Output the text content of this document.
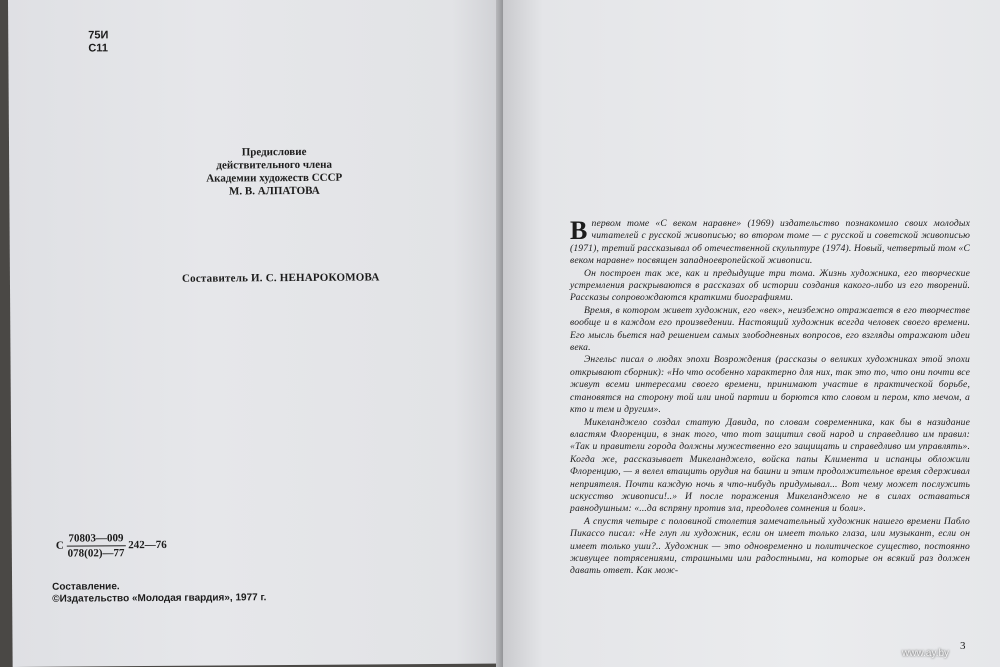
75И
С11
Предисловие
действительного члена
Академии художеств СССР
М. В. АЛПАТОВА
Составитель И. С. НЕНАРОКОМОВА
С $\frac{70803—009}{078(02)—77}$ 242—76
Составление.
©Издательство «Молодая гвардия», 1977 г.

В первом томе «С веком наравне» (1969) издательство познакомило своих молодых читателей с русской живописью; во втором томе — с русской и советской живописью (1971), третий рассказывал об отечественной скульптуре (1974). Новый, четвертый том «С веком наравне» посвящен западноевропейской живописи.

Он построен так же, как и предыдущие три тома. Жизнь художника, его творческие устремления раскрываются в рассказах об истории создания какого-либо из его творений. Рассказы сопровождаются краткими биографиями.

Время, в котором живет художник, его «век», неизбежно отражается в его творчестве вообще и в каждом его произведении. Настоящий художник всегда человек своего времени. Его мысль бьется над решением самых злободневных вопросов, его взгляды отражают идеи века.

Энгельс писал о людях эпохи Возрождения (рассказы о великих художниках этой эпохи открывают сборник): «Но что особенно характерно для них, так это то, что они почти все живут всеми интересами своего времени, принимают участие в практической борьбе, становятся на сторону той или иной партии и борются кто словом и пером, кто мечом, а кто и тем и другим».

Микеланджело создал статую Давида, по словам современника, как бы в назидание властям Флоренции, в знак того, что тот защитил свой народ и справедливо им правил: «Так и правители города должны мужественно его защищать и справедливо им управлять». Когда же, рассказывает Микеланджело, войска папы Климента и испанцы обложили Флоренцию, — я велел втащить орудия на башни и этим продолжительное время сдерживал неприятеля. Почти каждую ночь я что-нибудь придумывал... Вот чему может послужить искусство живописи!..» И после поражения Микеланджело не в силах оставаться равнодушным: «...да вспряну против зла, преодолев сомнения и боли».

А спустя четыре с половиной столетия замечательный художник нашего времени Пабло Пикассо писал: «Не глуп ли художник, если он имеет только глаза, или музыкант, если он имеет только уши?.. Художник — это одновременно и политическое существо, постоянно живущее потрясениями, страшными или радостными, на которые он всякий раз должен давать ответ. Как мож-

3
www.ay.by
